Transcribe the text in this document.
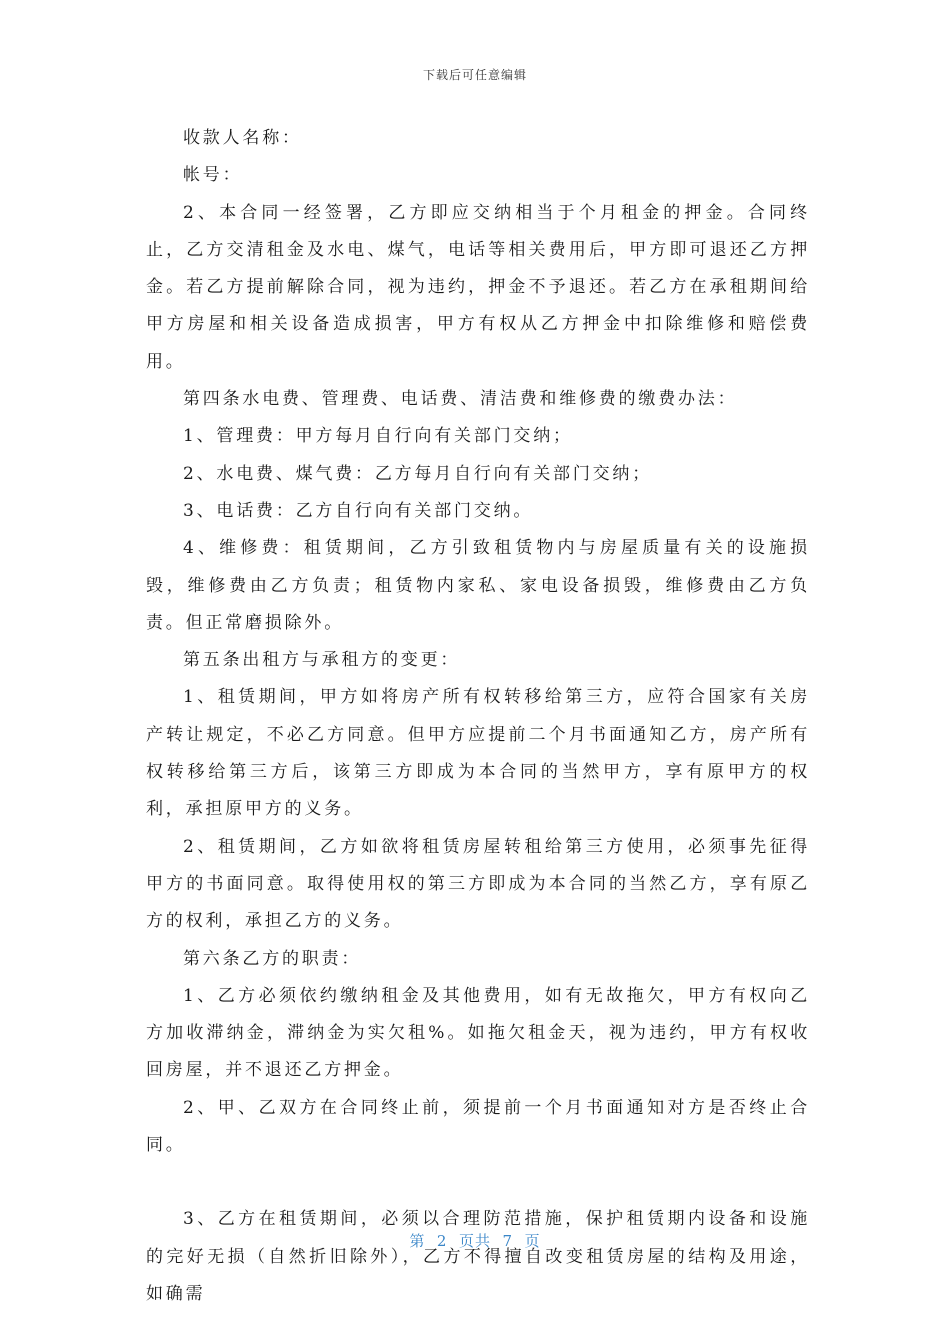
下载后可任意编辑

收款人名称：

帐号：

2、本合同一经签署，乙方即应交纳相当于个月租金的押金。合同终止，乙方交清租金及水电、煤气，电话等相关费用后，甲方即可退还乙方押金。若乙方提前解除合同，视为违约，押金不予退还。若乙方在承租期间给甲方房屋和相关设备造成损害，甲方有权从乙方押金中扣除维修和赔偿费用。

第四条水电费、管理费、电话费、清洁费和维修费的缴费办法：

1、管理费：甲方每月自行向有关部门交纳；

2、水电费、煤气费：乙方每月自行向有关部门交纳；

3、电话费：乙方自行向有关部门交纳。

4、维修费：租赁期间，乙方引致租赁物内与房屋质量有关的设施损毁，维修费由乙方负责；租赁物内家私、家电设备损毁，维修费由乙方负责。但正常磨损除外。

第五条出租方与承租方的变更：

1、租赁期间，甲方如将房产所有权转移给第三方，应符合国家有关房产转让规定，不必乙方同意。但甲方应提前二个月书面通知乙方，房产所有权转移给第三方后，该第三方即成为本合同的当然甲方，享有原甲方的权利，承担原甲方的义务。

2、租赁期间，乙方如欲将租赁房屋转租给第三方使用，必须事先征得甲方的书面同意。取得使用权的第三方即成为本合同的当然乙方，享有原乙方的权利，承担乙方的义务。

第六条乙方的职责：

1、乙方必须依约缴纳租金及其他费用，如有无故拖欠，甲方有权向乙方加收滞纳金，滞纳金为实欠租%。如拖欠租金天，视为违约，甲方有权收回房屋，并不退还乙方押金。

2、甲、乙双方在合同终止前，须提前一个月书面通知对方是否终止合同。

3、乙方在租赁期间，必须以合理防范措施，保护租赁期内设备和设施的完好无损（自然折旧除外），乙方不得擅自改变租赁房屋的结构及用途，如确需

第  2  页共  7  页
